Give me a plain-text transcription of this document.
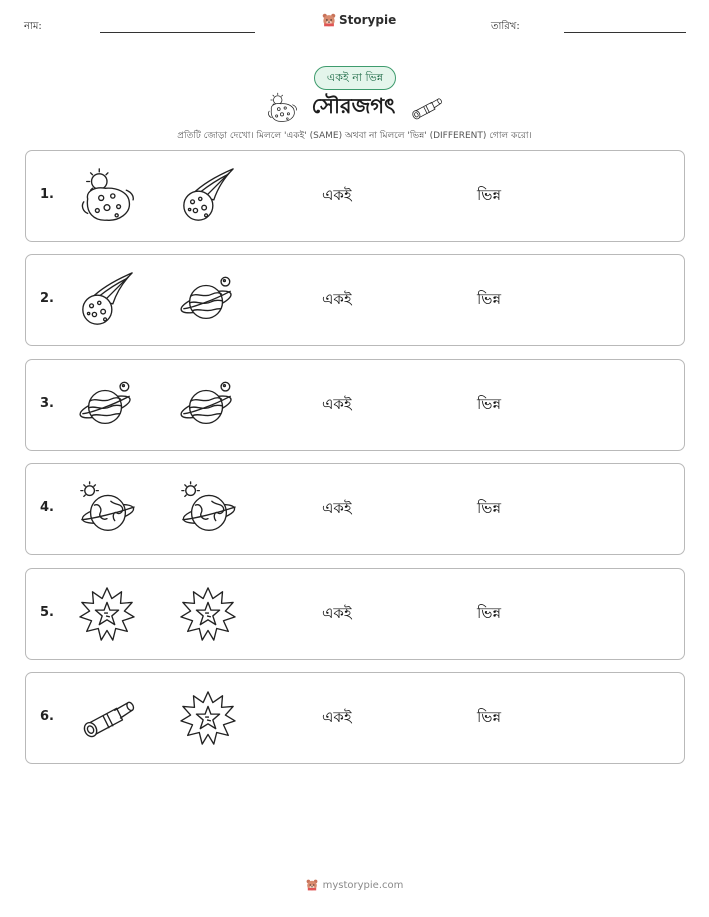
নাম:	Storypie	তারিখ:
একই না ভিন্ন
সৌরজগৎ
প্রতিটি জোড়া দেখো। মিললে 'একই' (SAME) অথবা না মিললে 'ভিন্ন' (DIFFERENT) গোল করো।
1.	একই	ভিন্ন
2.	একই	ভিন্ন
3.	একই	ভিন্ন
4.	একই	ভিন্ন
5.	একই	ভিন্ন
6.	একই	ভিন্ন
mystorypie.com
